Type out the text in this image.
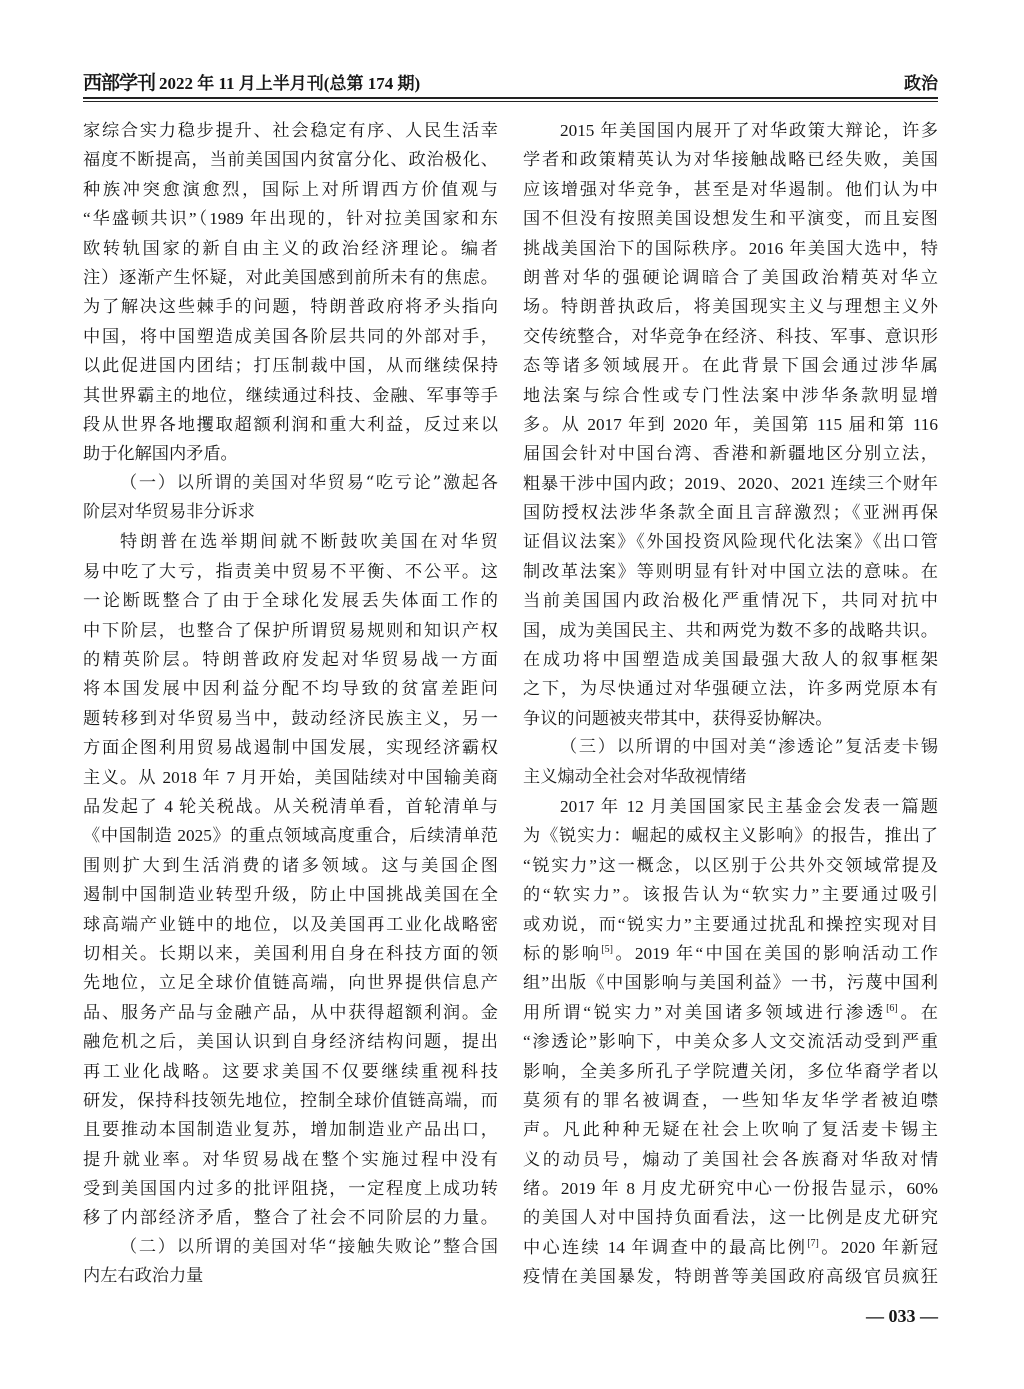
西部学刊 2022 年 11 月上半月刊(总第 174 期)	政治
家综合实力稳步提升、社会稳定有序、人民生活幸
福度不断提高，当前美国国内贫富分化、政治极化、
种族冲突愈演愈烈，国际上对所谓西方价值观与
“华盛顿共识”（1989 年出现的，针对拉美国家和东
欧转轨国家的新自由主义的政治经济理论。编者
注）逐渐产生怀疑，对此美国感到前所未有的焦虑。
为了解决这些棘手的问题，特朗普政府将矛头指向
中国，将中国塑造成美国各阶层共同的外部对手，
以此促进国内团结；打压制裁中国，从而继续保持
其世界霸主的地位，继续通过科技、金融、军事等手
段从世界各地攫取超额利润和重大利益，反过来以
助于化解国内矛盾。
（一）以所谓的美国对华贸易“吃亏论”激起各
阶层对华贸易非分诉求
特朗普在选举期间就不断鼓吹美国在对华贸
易中吃了大亏，指责美中贸易不平衡、不公平。这
一论断既整合了由于全球化发展丢失体面工作的
中下阶层，也整合了保护所谓贸易规则和知识产权
的精英阶层。特朗普政府发起对华贸易战一方面
将本国发展中因利益分配不均导致的贫富差距问
题转移到对华贸易当中，鼓动经济民族主义，另一
方面企图利用贸易战遏制中国发展，实现经济霸权
主义。从 2018 年 7 月开始，美国陆续对中国输美商
品发起了 4 轮关税战。从关税清单看，首轮清单与
《中国制造 2025》的重点领域高度重合，后续清单范
围则扩大到生活消费的诸多领域。这与美国企图
遏制中国制造业转型升级，防止中国挑战美国在全
球高端产业链中的地位，以及美国再工业化战略密
切相关。长期以来，美国利用自身在科技方面的领
先地位，立足全球价值链高端，向世界提供信息产
品、服务产品与金融产品，从中获得超额利润。金
融危机之后，美国认识到自身经济结构问题，提出
再工业化战略。这要求美国不仅要继续重视科技
研发，保持科技领先地位，控制全球价值链高端，而
且要推动本国制造业复苏，增加制造业产品出口，
提升就业率。对华贸易战在整个实施过程中没有
受到美国国内过多的批评阻挠，一定程度上成功转
移了内部经济矛盾，整合了社会不同阶层的力量。
（二）以所谓的美国对华“接触失败论”整合国
内左右政治力量
2015 年美国国内展开了对华政策大辩论，许多
学者和政策精英认为对华接触战略已经失败，美国
应该增强对华竞争，甚至是对华遏制。他们认为中
国不但没有按照美国设想发生和平演变，而且妄图
挑战美国治下的国际秩序。2016 年美国大选中，特
朗普对华的强硬论调暗合了美国政治精英对华立
场。特朗普执政后，将美国现实主义与理想主义外
交传统整合，对华竞争在经济、科技、军事、意识形
态等诸多领域展开。在此背景下国会通过涉华属
地法案与综合性或专门性法案中涉华条款明显增
多。从 2017 年到 2020 年，美国第 115 届和第 116
届国会针对中国台湾、香港和新疆地区分别立法，
粗暴干涉中国内政；2019、2020、2021 连续三个财年
国防授权法涉华条款全面且言辞激烈；《亚洲再保
证倡议法案》《外国投资风险现代化法案》《出口管
制改革法案》等则明显有针对中国立法的意味。在
当前美国国内政治极化严重情况下，共同对抗中
国，成为美国民主、共和两党为数不多的战略共识。
在成功将中国塑造成美国最强大敌人的叙事框架
之下，为尽快通过对华强硬立法，许多两党原本有
争议的问题被夹带其中，获得妥协解决。
（三）以所谓的中国对美“渗透论”复活麦卡锡
主义煽动全社会对华敌视情绪
2017 年 12 月美国国家民主基金会发表一篇题
为《锐实力：崛起的威权主义影响》的报告，推出了
“锐实力”这一概念，以区别于公共外交领域常提及
的“软实力”。该报告认为“软实力”主要通过吸引
或劝说，而“锐实力”主要通过扰乱和操控实现对目
标的影响[5]。2019 年“中国在美国的影响活动工作
组”出版《中国影响与美国利益》一书，污蔑中国利
用所谓“锐实力”对美国诸多领域进行渗透[6]。在
“渗透论”影响下，中美众多人文交流活动受到严重
影响，全美多所孔子学院遭关闭，多位华裔学者以
莫须有的罪名被调查，一些知华友华学者被迫噤
声。凡此种种无疑在社会上吹响了复活麦卡锡主
义的动员号，煽动了美国社会各族裔对华敌对情
绪。2019 年 8 月皮尤研究中心一份报告显示，60%
的美国人对中国持负面看法，这一比例是皮尤研究
中心连续 14 年调查中的最高比例[7]。2020 年新冠
疫情在美国暴发，特朗普等美国政府高级官员疯狂
— 033 —
